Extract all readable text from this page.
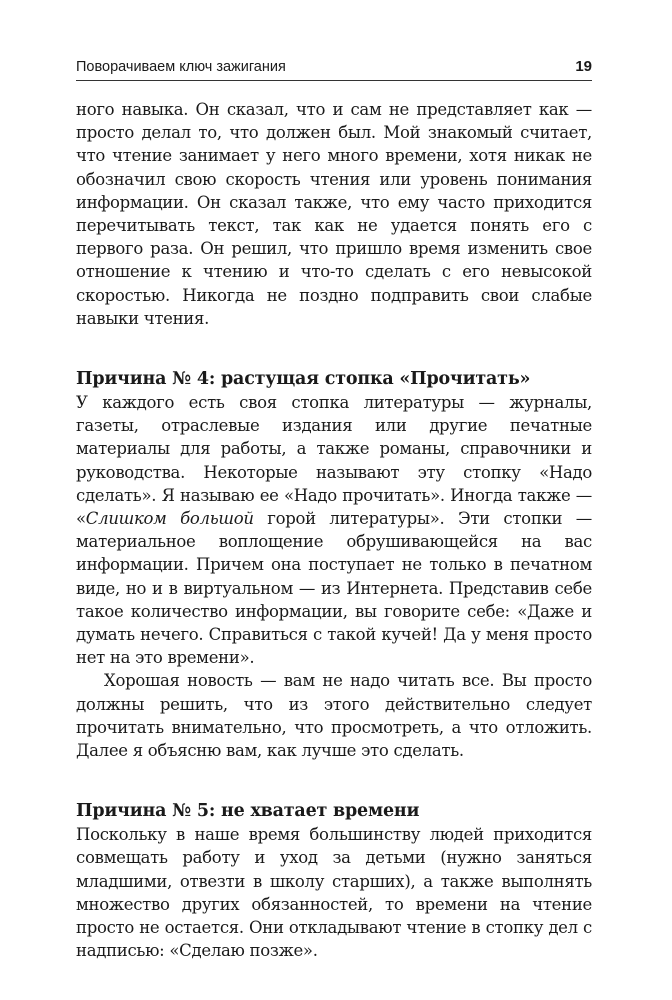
Поворачиваем ключ зажигания	19

ного навыка. Он сказал, что и сам не представляет как — просто делал то, что должен был. Мой знакомый считает, что чтение занимает у него много времени, хотя никак не обозначил свою скорость чтения или уровень понимания информации. Он сказал также, что ему часто приходится перечитывать текст, так как не удается понять его с первого раза. Он решил, что пришло время изменить свое отношение к чтению и что-то сделать с его невысокой скоростью. Никогда не поздно подправить свои слабые навыки чтения.

Причина № 4: растущая стопка «Прочитать»

У каждого есть своя стопка литературы — журналы, газеты, отраслевые издания или другие печатные материалы для работы, а также романы, справочники и руководства. Некоторые называют эту стопку «Надо сделать». Я называю ее «Надо прочитать». Иногда также — «Слишком большой горой литературы». Эти стопки — материальное воплощение обрушивающейся на вас информации. Причем она поступает не только в печатном виде, но и в виртуальном — из Интернета. Представив себе такое количество информации, вы говорите себе: «Даже и думать нечего. Справиться с такой кучей! Да у меня просто нет на это времени».

Хорошая новость — вам не надо читать все. Вы просто должны решить, что из этого действительно следует прочитать внимательно, что просмотреть, а что отложить. Далее я объясню вам, как лучше это сделать.

Причина № 5: не хватает времени

Поскольку в наше время большинству людей приходится совмещать работу и уход за детьми (нужно заняться младшими, отвезти в школу старших), а также выполнять множество других обязанностей, то времени на чтение просто не остается. Они откладывают чтение в стопку дел с надписью: «Сделаю позже».
